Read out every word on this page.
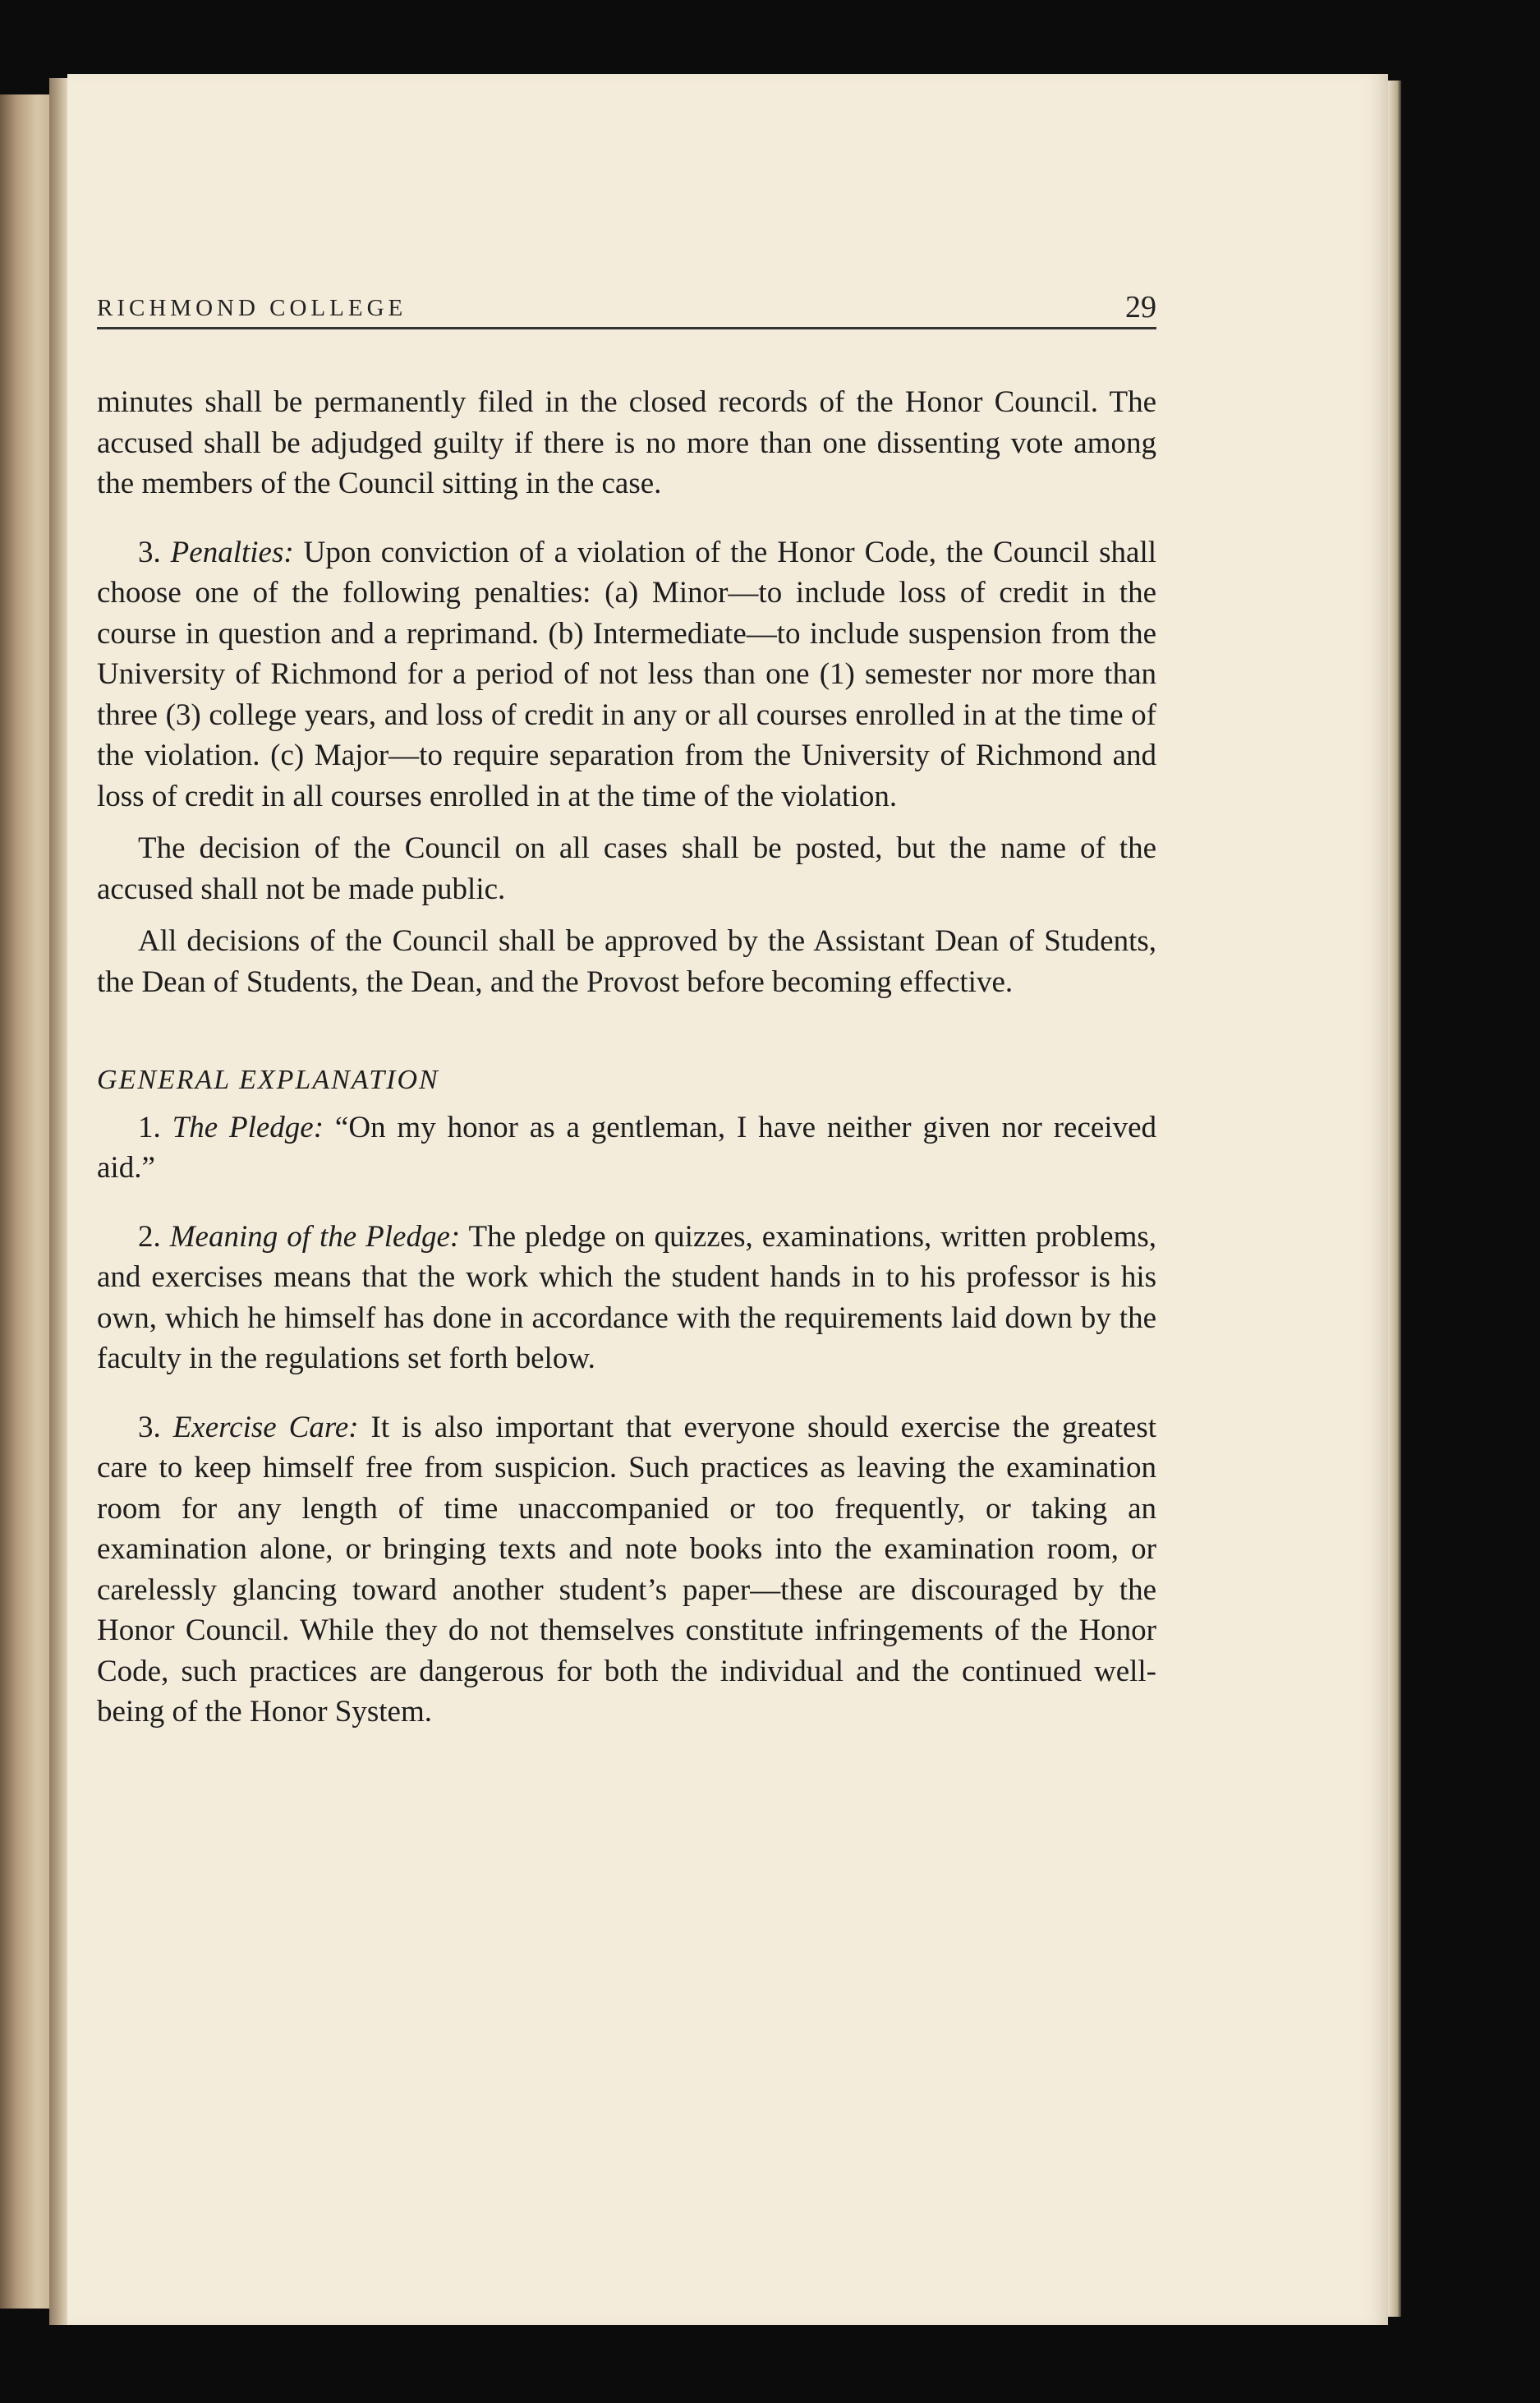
RICHMOND COLLEGE	29

minutes shall be permanently filed in the closed records of the Honor Council. The accused shall be adjudged guilty if there is no more than one dissenting vote among the members of the Council sitting in the case.

3. Penalties: Upon conviction of a violation of the Honor Code, the Council shall choose one of the following penalties: (a) Minor—to include loss of credit in the course in question and a reprimand. (b) Intermediate—to include suspension from the University of Richmond for a period of not less than one (1) semester nor more than three (3) college years, and loss of credit in any or all courses enrolled in at the time of the violation. (c) Major—to require separation from the University of Richmond and loss of credit in all courses enrolled in at the time of the violation.

The decision of the Council on all cases shall be posted, but the name of the accused shall not be made public.

All decisions of the Council shall be approved by the Assistant Dean of Students, the Dean of Students, the Dean, and the Provost before becoming effective.

GENERAL EXPLANATION

1. The Pledge: “On my honor as a gentleman, I have neither given nor received aid.”

2. Meaning of the Pledge: The pledge on quizzes, examinations, written problems, and exercises means that the work which the student hands in to his professor is his own, which he himself has done in accordance with the requirements laid down by the faculty in the regulations set forth below.

3. Exercise Care: It is also important that everyone should exercise the greatest care to keep himself free from suspicion. Such practices as leaving the examination room for any length of time unaccompanied or too frequently, or taking an examination alone, or bringing texts and note books into the examination room, or carelessly glancing toward another student’s paper—these are discouraged by the Honor Council. While they do not themselves constitute infringements of the Honor Code, such practices are dangerous for both the individual and the continued well-being of the Honor System.
